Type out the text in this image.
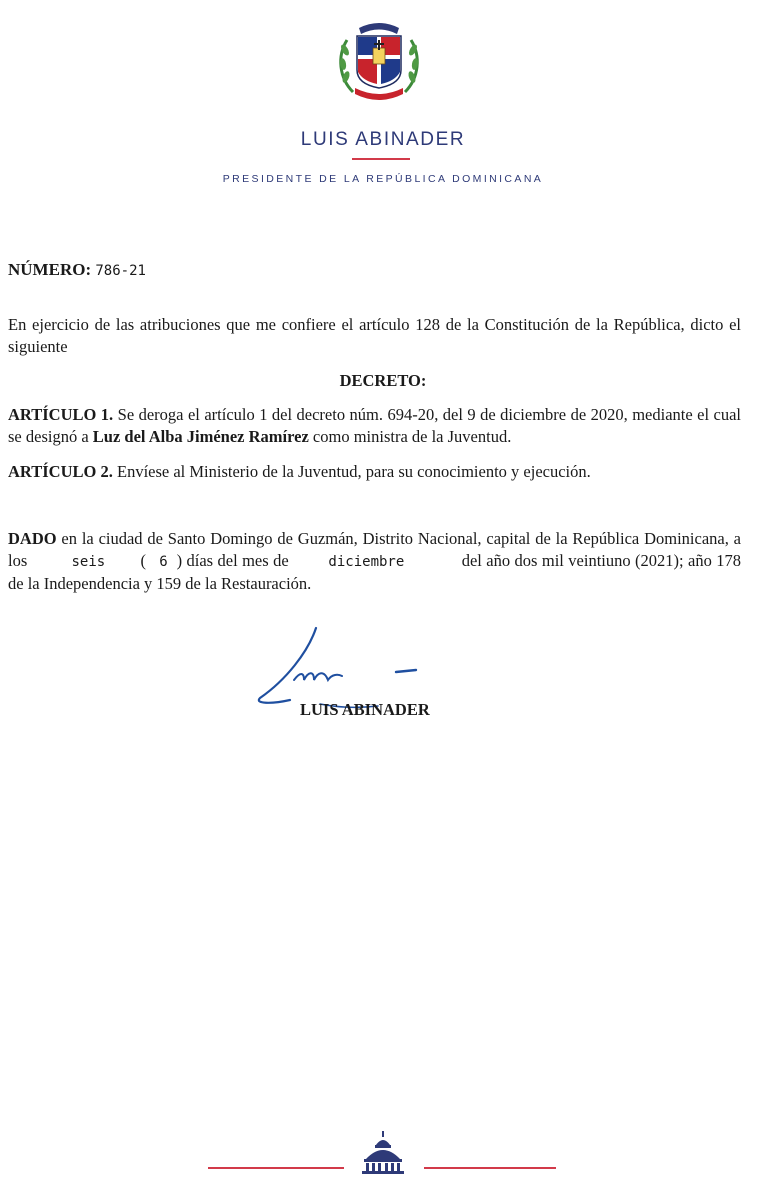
LUIS ABINADER
PRESIDENTE DE LA REPÚBLICA DOMINICANA
NÚMERO: 786-21
En ejercicio de las atribuciones que me confiere el artículo 128 de la Constitución de la República, dicto el siguiente
DECRETO:
ARTÍCULO 1. Se deroga el artículo 1 del decreto núm. 694-20, del 9 de diciembre de 2020, mediante el cual se designó a Luz del Alba Jiménez Ramírez como ministra de la Juventud.
ARTÍCULO 2. Envíese al Ministerio de la Juventud, para su conocimiento y ejecución.
DADO en la ciudad de Santo Domingo de Guzmán, Distrito Nacional, capital de la República Dominicana, a los	seis        (   6  ) días del mes de	diciembre	del año dos mil veintiuno (2021); año 178 de la Independencia y 159 de la Restauración.
LUIS ABINADER
